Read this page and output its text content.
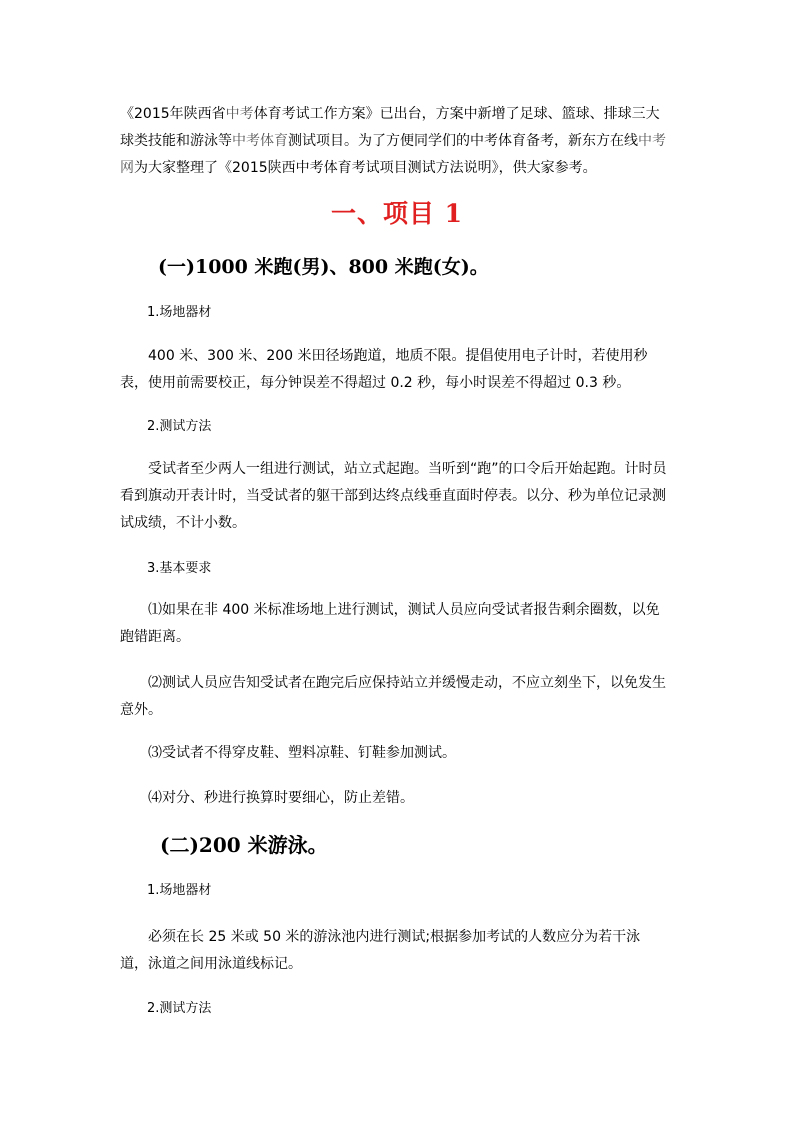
《2015年陕西省中考体育考试工作方案》已出台，方案中新增了足球、篮球、排球三大球类技能和游泳等中考体育测试项目。为了方便同学们的中考体育备考，新东方在线中考网为大家整理了《2015陕西中考体育考试项目测试方法说明》，供大家参考。
一、项目 1
(一)1000 米跑(男)、800 米跑(女)。
1.场地器材
400 米、300 米、200 米田径场跑道，地质不限。提倡使用电子计时，若使用秒表，使用前需要校正，每分钟误差不得超过 0.2 秒，每小时误差不得超过 0.3 秒。
2.测试方法
受试者至少两人一组进行测试，站立式起跑。当听到“跑”的口令后开始起跑。计时员看到旗动开表计时，当受试者的躯干部到达终点线垂直面时停表。以分、秒为单位记录测试成绩，不计小数。
3.基本要求
⑴如果在非 400 米标准场地上进行测试，测试人员应向受试者报告剩余圈数，以免跑错距离。
⑵测试人员应告知受试者在跑完后应保持站立并缓慢走动，不应立刻坐下，以免发生意外。
⑶受试者不得穿皮鞋、塑料凉鞋、钉鞋参加测试。
⑷对分、秒进行换算时要细心，防止差错。
(二)200 米游泳。
1.场地器材
必须在长 25 米或 50 米的游泳池内进行测试;根据参加考试的人数应分为若干泳道，泳道之间用泳道线标记。
2.测试方法
